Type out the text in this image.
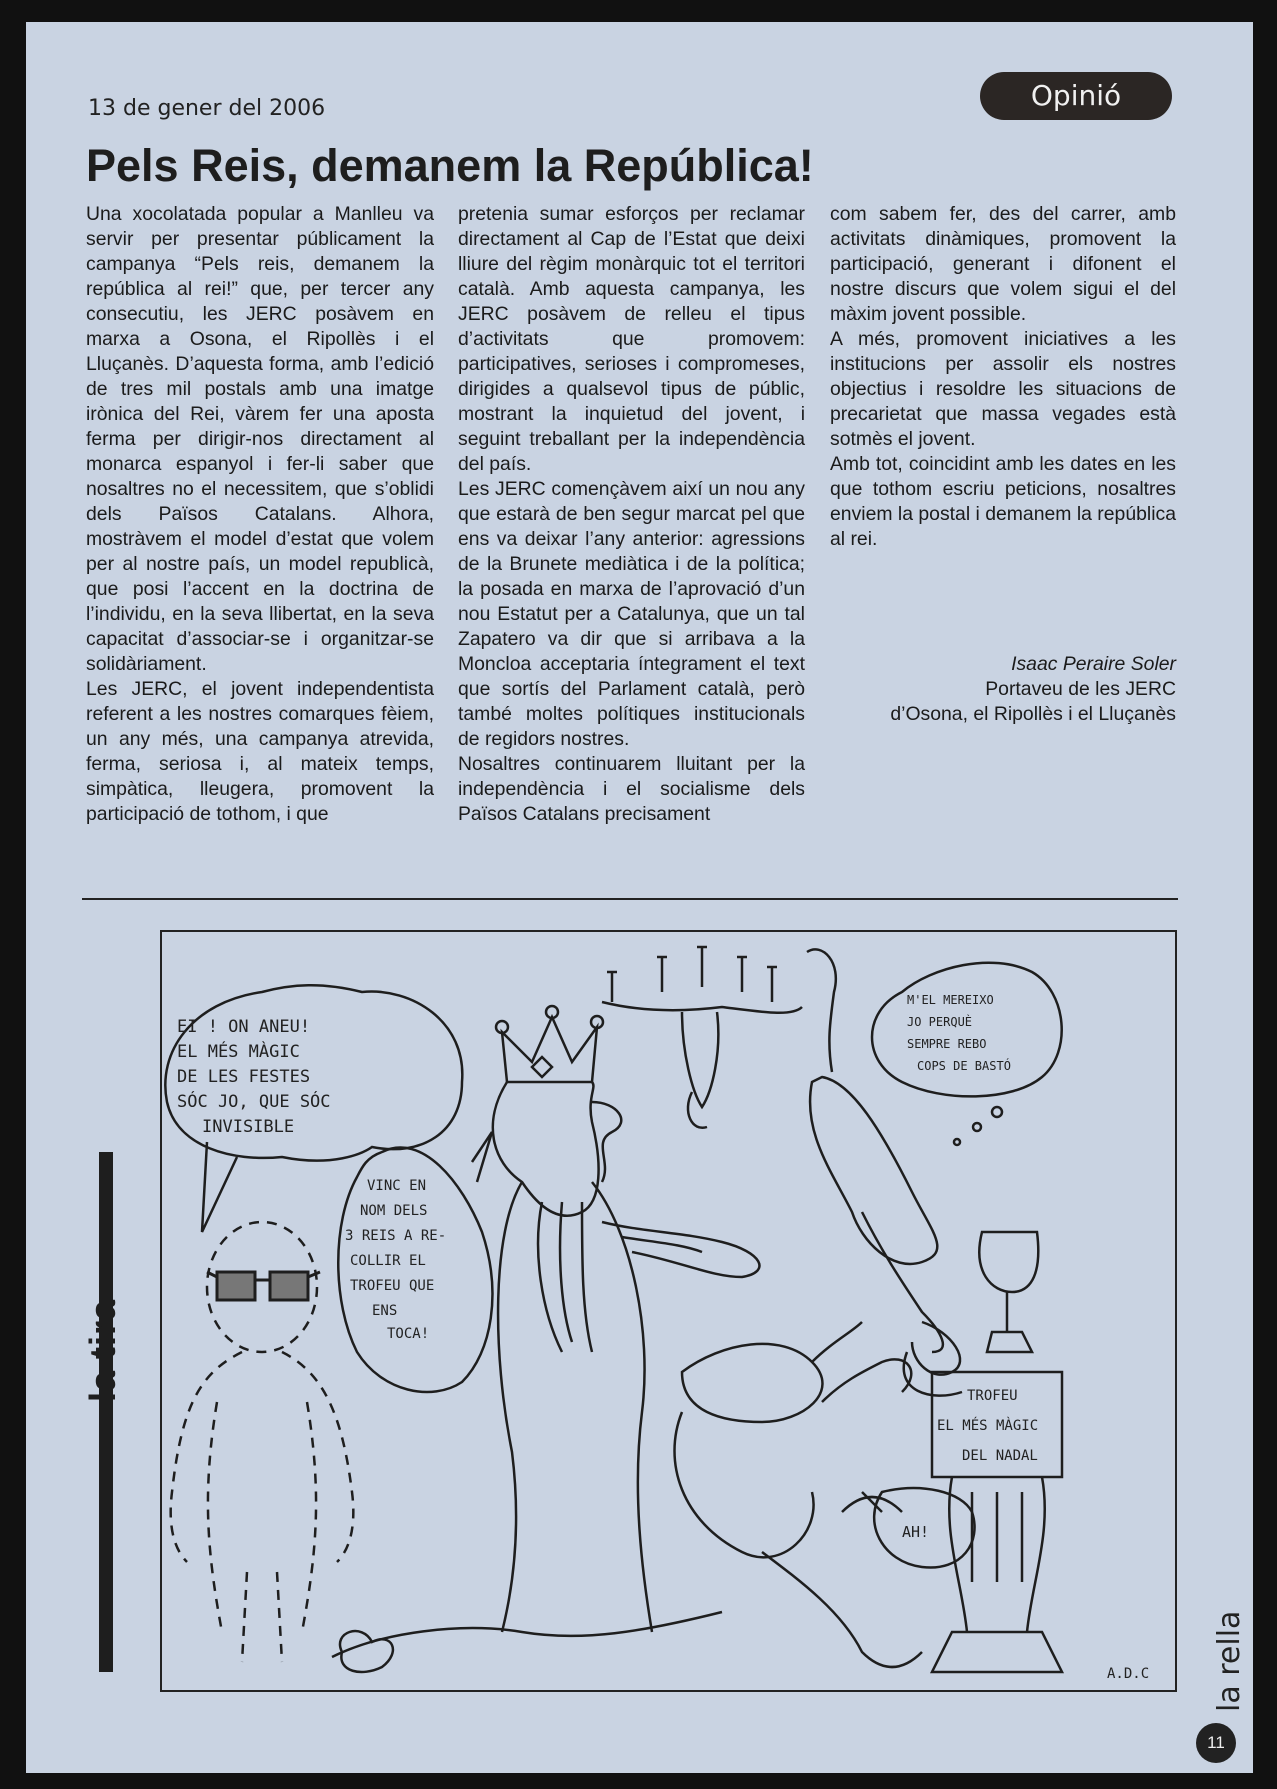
13 de gener del 2006	Opinió
Pels Reis, demanem la República!

Una xocolatada popular a Manlleu va servir per presentar públicament la campanya “Pels reis, demanem la república al rei!” que, per tercer any consecutiu, les JERC posàvem en marxa a Osona, el Ripollès i el Lluçanès. D’aquesta forma, amb l’edició de tres mil postals amb una imatge irònica del Rei, vàrem fer una aposta ferma per dirigir-nos directament al monarca espanyol i fer-li saber que nosaltres no el necessitem, que s’oblidi dels Països Catalans. Alhora, mostràvem el model d’estat que volem per al nostre país, un model republicà, que posi l’accent en la doctrina de l’individu, en la seva llibertat, en la seva capacitat d’associar-se i organitzar-se solidàriament.

Les JERC, el jovent independentista referent a les nostres comarques fèiem, un any més, una campanya atrevida, ferma, seriosa i, al mateix temps, simpàtica, lleugera, promovent la participació de tothom, i que

pretenia sumar esforços per reclamar directament al Cap de l’Estat que deixi lliure del règim monàrquic tot el territori català. Amb aquesta campanya, les JERC posàvem de relleu el tipus d’activitats que promovem: participatives, serioses i compromeses, dirigides a qualsevol tipus de públic, mostrant la inquietud del jovent, i seguint treballant per la independència del país.

Les JERC començàvem així un nou any que estarà de ben segur marcat pel que ens va deixar l’any anterior: agressions de la Brunete mediàtica i de la política; la posada en marxa de l’aprovació d’un nou Estatut per a Catalunya, que un tal Zapatero va dir que si arribava a la Moncloa acceptaria íntegrament el text que sortís del Parlament català, però també moltes polítiques institucionals de regidors nostres.

Nosaltres continuarem lluitant per la independència i el socialisme dels Països Catalans precisament

com sabem fer, des del carrer, amb activitats dinàmiques, promovent la participació, generant i difonent el nostre discurs que volem sigui el del màxim jovent possible.

A més, promovent iniciatives a les institucions per assolir els nostres objectius i resoldre les situacions de precarietat que massa vegades està sotmès el jovent.

Amb tot, coincidint amb les dates en les que tothom escriu peticions, nosaltres enviem la postal i demanem la república al rei.

Isaac Peraire Soler
Portaveu de les JERC
d’Osona, el Ripollès i el Lluçanès
la tira
EI ! ON ANEU!
EL MÉS MÀGIC
DE LES FESTES
SÓC JO, QUE SÓC
INVISIBLE
VINC EN
NOM DELS
3 REIS A RE-
COLLIR EL
TROFEU QUE
ENS
TOCA!
M'EL MEREIXO
JO PERQUÈ
SEMPRE REBO
COPS DE BASTÓ
AH!
TROFEU
EL MÉS MÀGIC
DEL NADAL
A.D.C la rella
11
